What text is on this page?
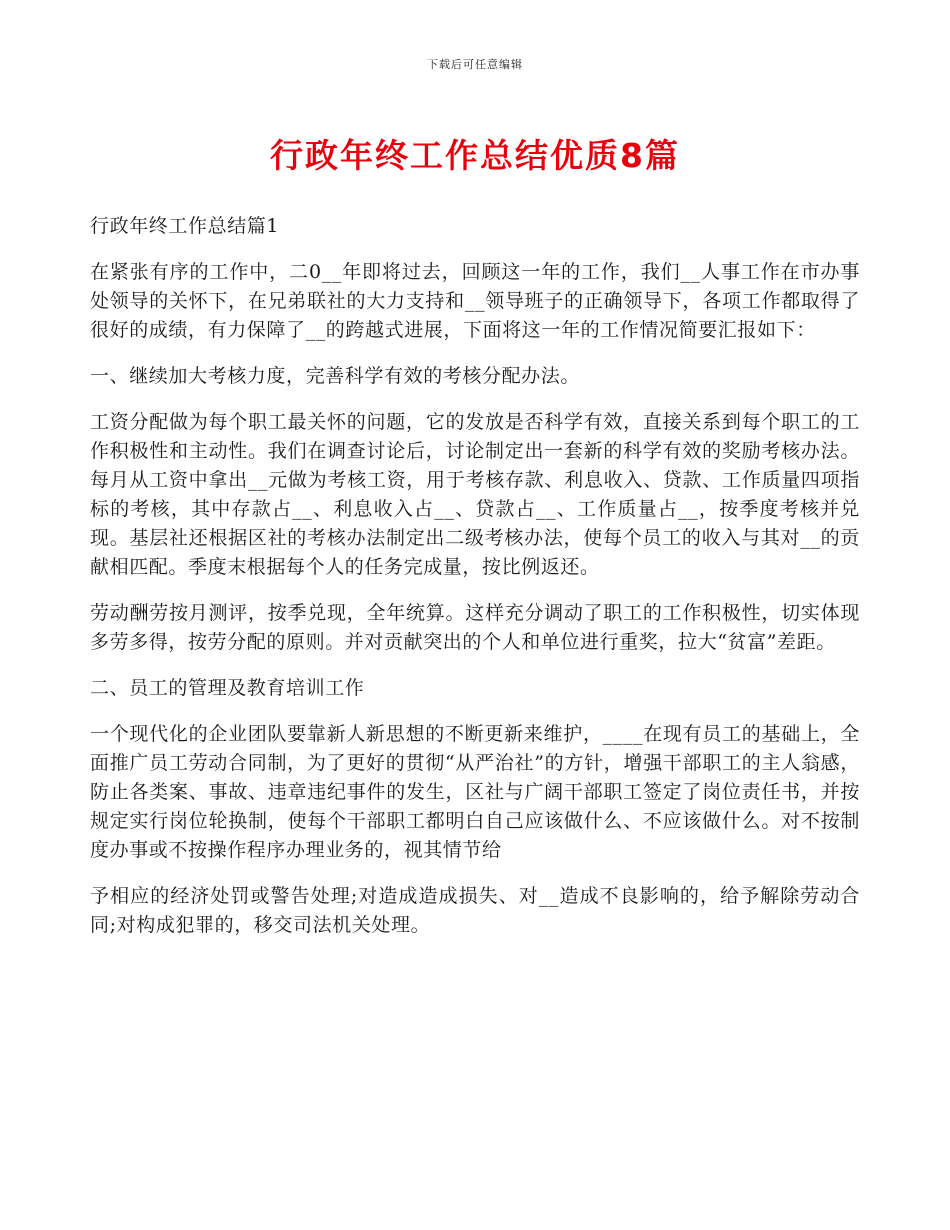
下载后可任意编辑
行政年终工作总结优质8篇

行政年终工作总结篇1

在紧张有序的工作中，二0__年即将过去，回顾这一年的工作，我们__人事工作在市办事处领导的关怀下，在兄弟联社的大力支持和__领导班子的正确领导下，各项工作都取得了很好的成绩，有力保障了__的跨越式进展，下面将这一年的工作情况简要汇报如下：

一、继续加大考核力度，完善科学有效的考核分配办法。

工资分配做为每个职工最关怀的问题，它的发放是否科学有效，直接关系到每个职工的工作积极性和主动性。我们在调查讨论后，讨论制定出一套新的科学有效的奖励考核办法。每月从工资中拿出__元做为考核工资，用于考核存款、利息收入、贷款、工作质量四项指标的考核，其中存款占__、利息收入占__、贷款占__、工作质量占__，按季度考核并兑现。基层社还根据区社的考核办法制定出二级考核办法，使每个员工的收入与其对__的贡献相匹配。季度末根据每个人的任务完成量，按比例返还。

劳动酬劳按月测评，按季兑现，全年统算。这样充分调动了职工的工作积极性，切实体现多劳多得，按劳分配的原则。并对贡献突出的个人和单位进行重奖，拉大“贫富”差距。

二、员工的管理及教育培训工作

一个现代化的企业团队要靠新人新思想的不断更新来维护，____在现有员工的基础上，全面推广员工劳动合同制，为了更好的贯彻“从严治社”的方针，增强干部职工的主人翁感，防止各类案、事故、违章违纪事件的发生，区社与广阔干部职工签定了岗位责任书，并按规定实行岗位轮换制，使每个干部职工都明白自己应该做什么、不应该做什么。对不按制度办事或不按操作程序办理业务的，视其情节给

予相应的经济处罚或警告处理;对造成造成损失、对__造成不良影响的，给予解除劳动合同;对构成犯罪的，移交司法机关处理。
